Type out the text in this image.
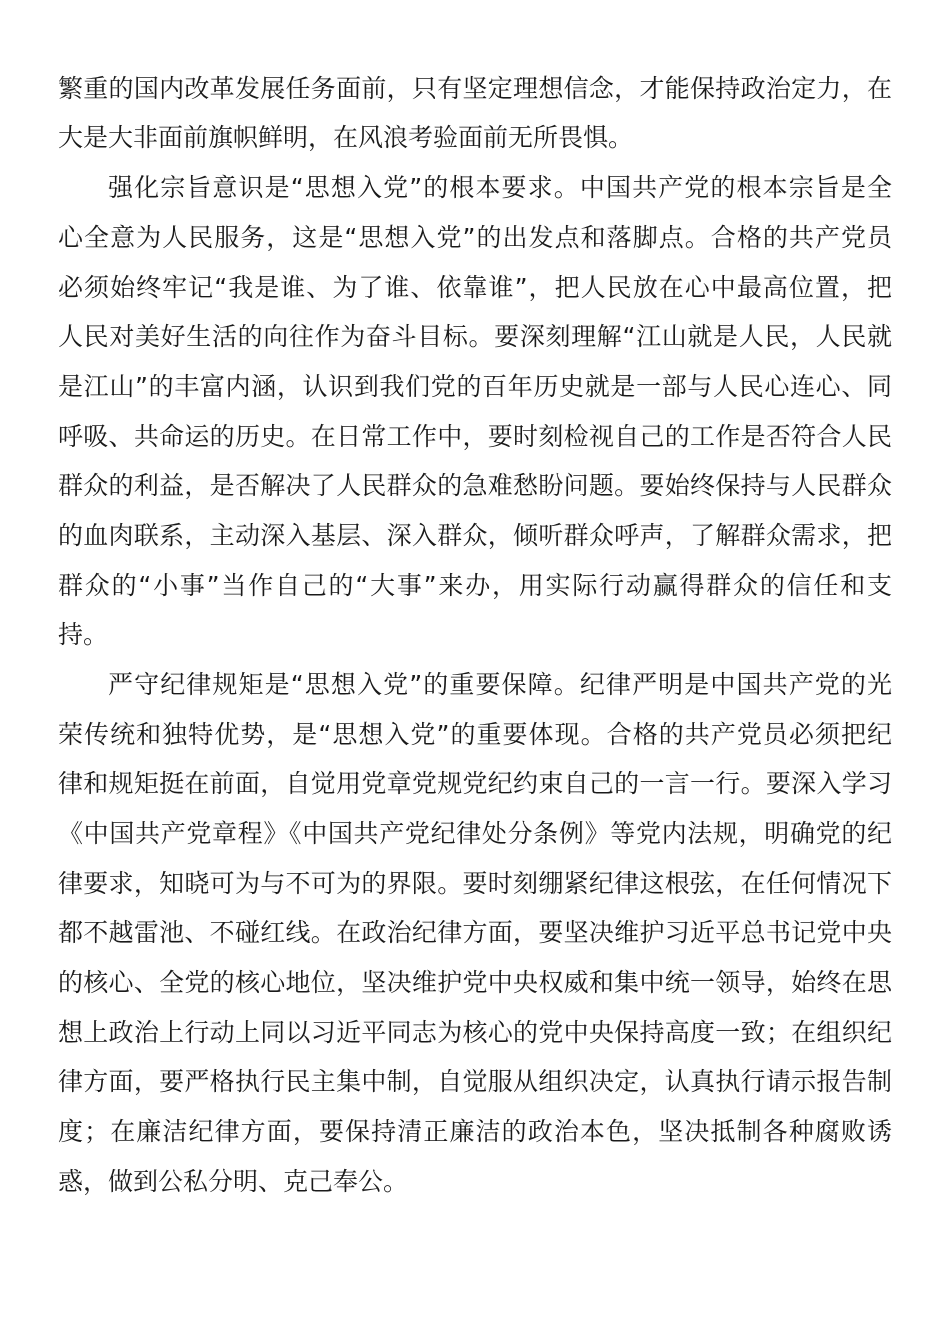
繁重的国内改革发展任务面前，只有坚定理想信念，才能保持政治定力，在
大是大非面前旗帜鲜明，在风浪考验面前无所畏惧。
强化宗旨意识是“思想入党”的根本要求。中国共产党的根本宗旨是全
心全意为人民服务，这是“思想入党”的出发点和落脚点。合格的共产党员
必须始终牢记“我是谁、为了谁、依靠谁”，把人民放在心中最高位置，把
人民对美好生活的向往作为奋斗目标。要深刻理解“江山就是人民，人民就
是江山”的丰富内涵，认识到我们党的百年历史就是一部与人民心连心、同
呼吸、共命运的历史。在日常工作中，要时刻检视自己的工作是否符合人民
群众的利益，是否解决了人民群众的急难愁盼问题。要始终保持与人民群众
的血肉联系，主动深入基层、深入群众，倾听群众呼声，了解群众需求，把
群众的“小事”当作自己的“大事”来办，用实际行动赢得群众的信任和支
持。
严守纪律规矩是“思想入党”的重要保障。纪律严明是中国共产党的光
荣传统和独特优势，是“思想入党”的重要体现。合格的共产党员必须把纪
律和规矩挺在前面，自觉用党章党规党纪约束自己的一言一行。要深入学习
《中国共产党章程》《中国共产党纪律处分条例》等党内法规，明确党的纪
律要求，知晓可为与不可为的界限。要时刻绷紧纪律这根弦，在任何情况下
都不越雷池、不碰红线。在政治纪律方面，要坚决维护习近平总书记党中央
的核心、全党的核心地位，坚决维护党中央权威和集中统一领导，始终在思
想上政治上行动上同以习近平同志为核心的党中央保持高度一致；在组织纪
律方面，要严格执行民主集中制，自觉服从组织决定，认真执行请示报告制
度；在廉洁纪律方面，要保持清正廉洁的政治本色，坚决抵制各种腐败诱
惑，做到公私分明、克己奉公。
